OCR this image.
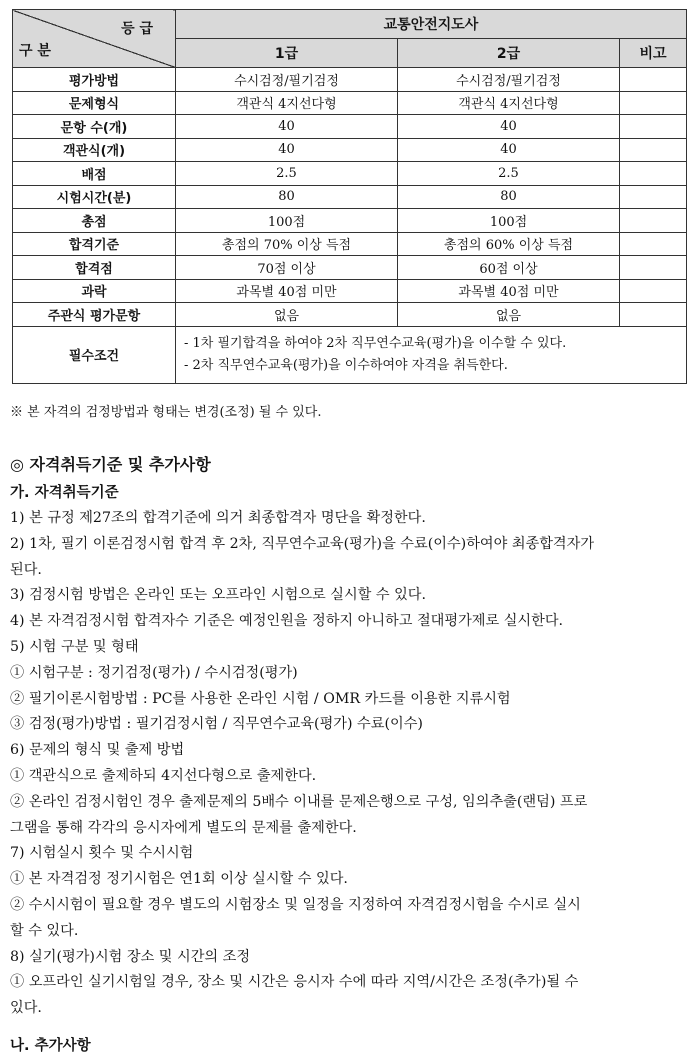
등 급
구 분	교통안전지도사		
	1급	2급	비고
평가방법	수시검정/필기검정	수시검정/필기검정	
문제형식	객관식 4지선다형	객관식 4지선다형	
문항 수(개)	40	40	
객관식(개)	40	40	
배점	2.5	2.5	
시험시간(분)	80	80	
총점	100점	100점	
합격기준	총점의 70% 이상 득점	총점의 60% 이상 득점	
합격점	70점 이상	60점 이상	
과락	과목별 40점 미만	과목별 40점 미만	
주관식 평가문항	없음	없음	
필수조건	- 1차 필기합격을 하여야 2차 직무연수교육(평가)을 이수할 수 있다.
- 2차 직무연수교육(평가)을 이수하여야 자격을 취득한다.		
※ 본 자격의 검정방법과 형태는 변경(조정) 될 수 있다.
◎ 자격취득기준 및 추가사항
가. 자격취득기준
1) 본 규정 제27조의 합격기준에 의거 최종합격자 명단을 확정한다.
2) 1차, 필기 이론검정시험 합격 후 2차, 직무연수교육(평가)을 수료(이수)하여야 최종합격자가
된다.
3) 검정시험 방법은 온라인 또는 오프라인 시험으로 실시할 수 있다.
4) 본 자격검정시험 합격자수 기준은 예정인원을 정하지 아니하고 절대평가제로 실시한다.
5) 시험 구분 및 형태
① 시험구분 : 정기검정(평가) / 수시검정(평가)
② 필기이론시험방법 : PC를 사용한 온라인 시험 / OMR 카드를 이용한 지류시험
③ 검정(평가)방법 : 필기검정시험 / 직무연수교육(평가) 수료(이수)
6) 문제의 형식 및 출제 방법
① 객관식으로 출제하되 4지선다형으로 출제한다.
② 온라인 검정시험인 경우 출제문제의 5배수 이내를 문제은행으로 구성, 임의추출(랜덤) 프로
그램을 통해 각각의 응시자에게 별도의 문제를 출제한다.
7) 시험실시 횟수 및 수시시험
① 본 자격검정 정기시험은 연1회 이상 실시할 수 있다.
② 수시시험이 필요할 경우 별도의 시험장소 및 일정을 지정하여 자격검정시험을 수시로 실시
할 수 있다.
8) 실기(평가)시험 장소 및 시간의 조정
① 오프라인 실기시험일 경우, 장소 및 시간은 응시자 수에 따라 지역/시간은 조정(추가)될 수
있다.
나. 추가사항
